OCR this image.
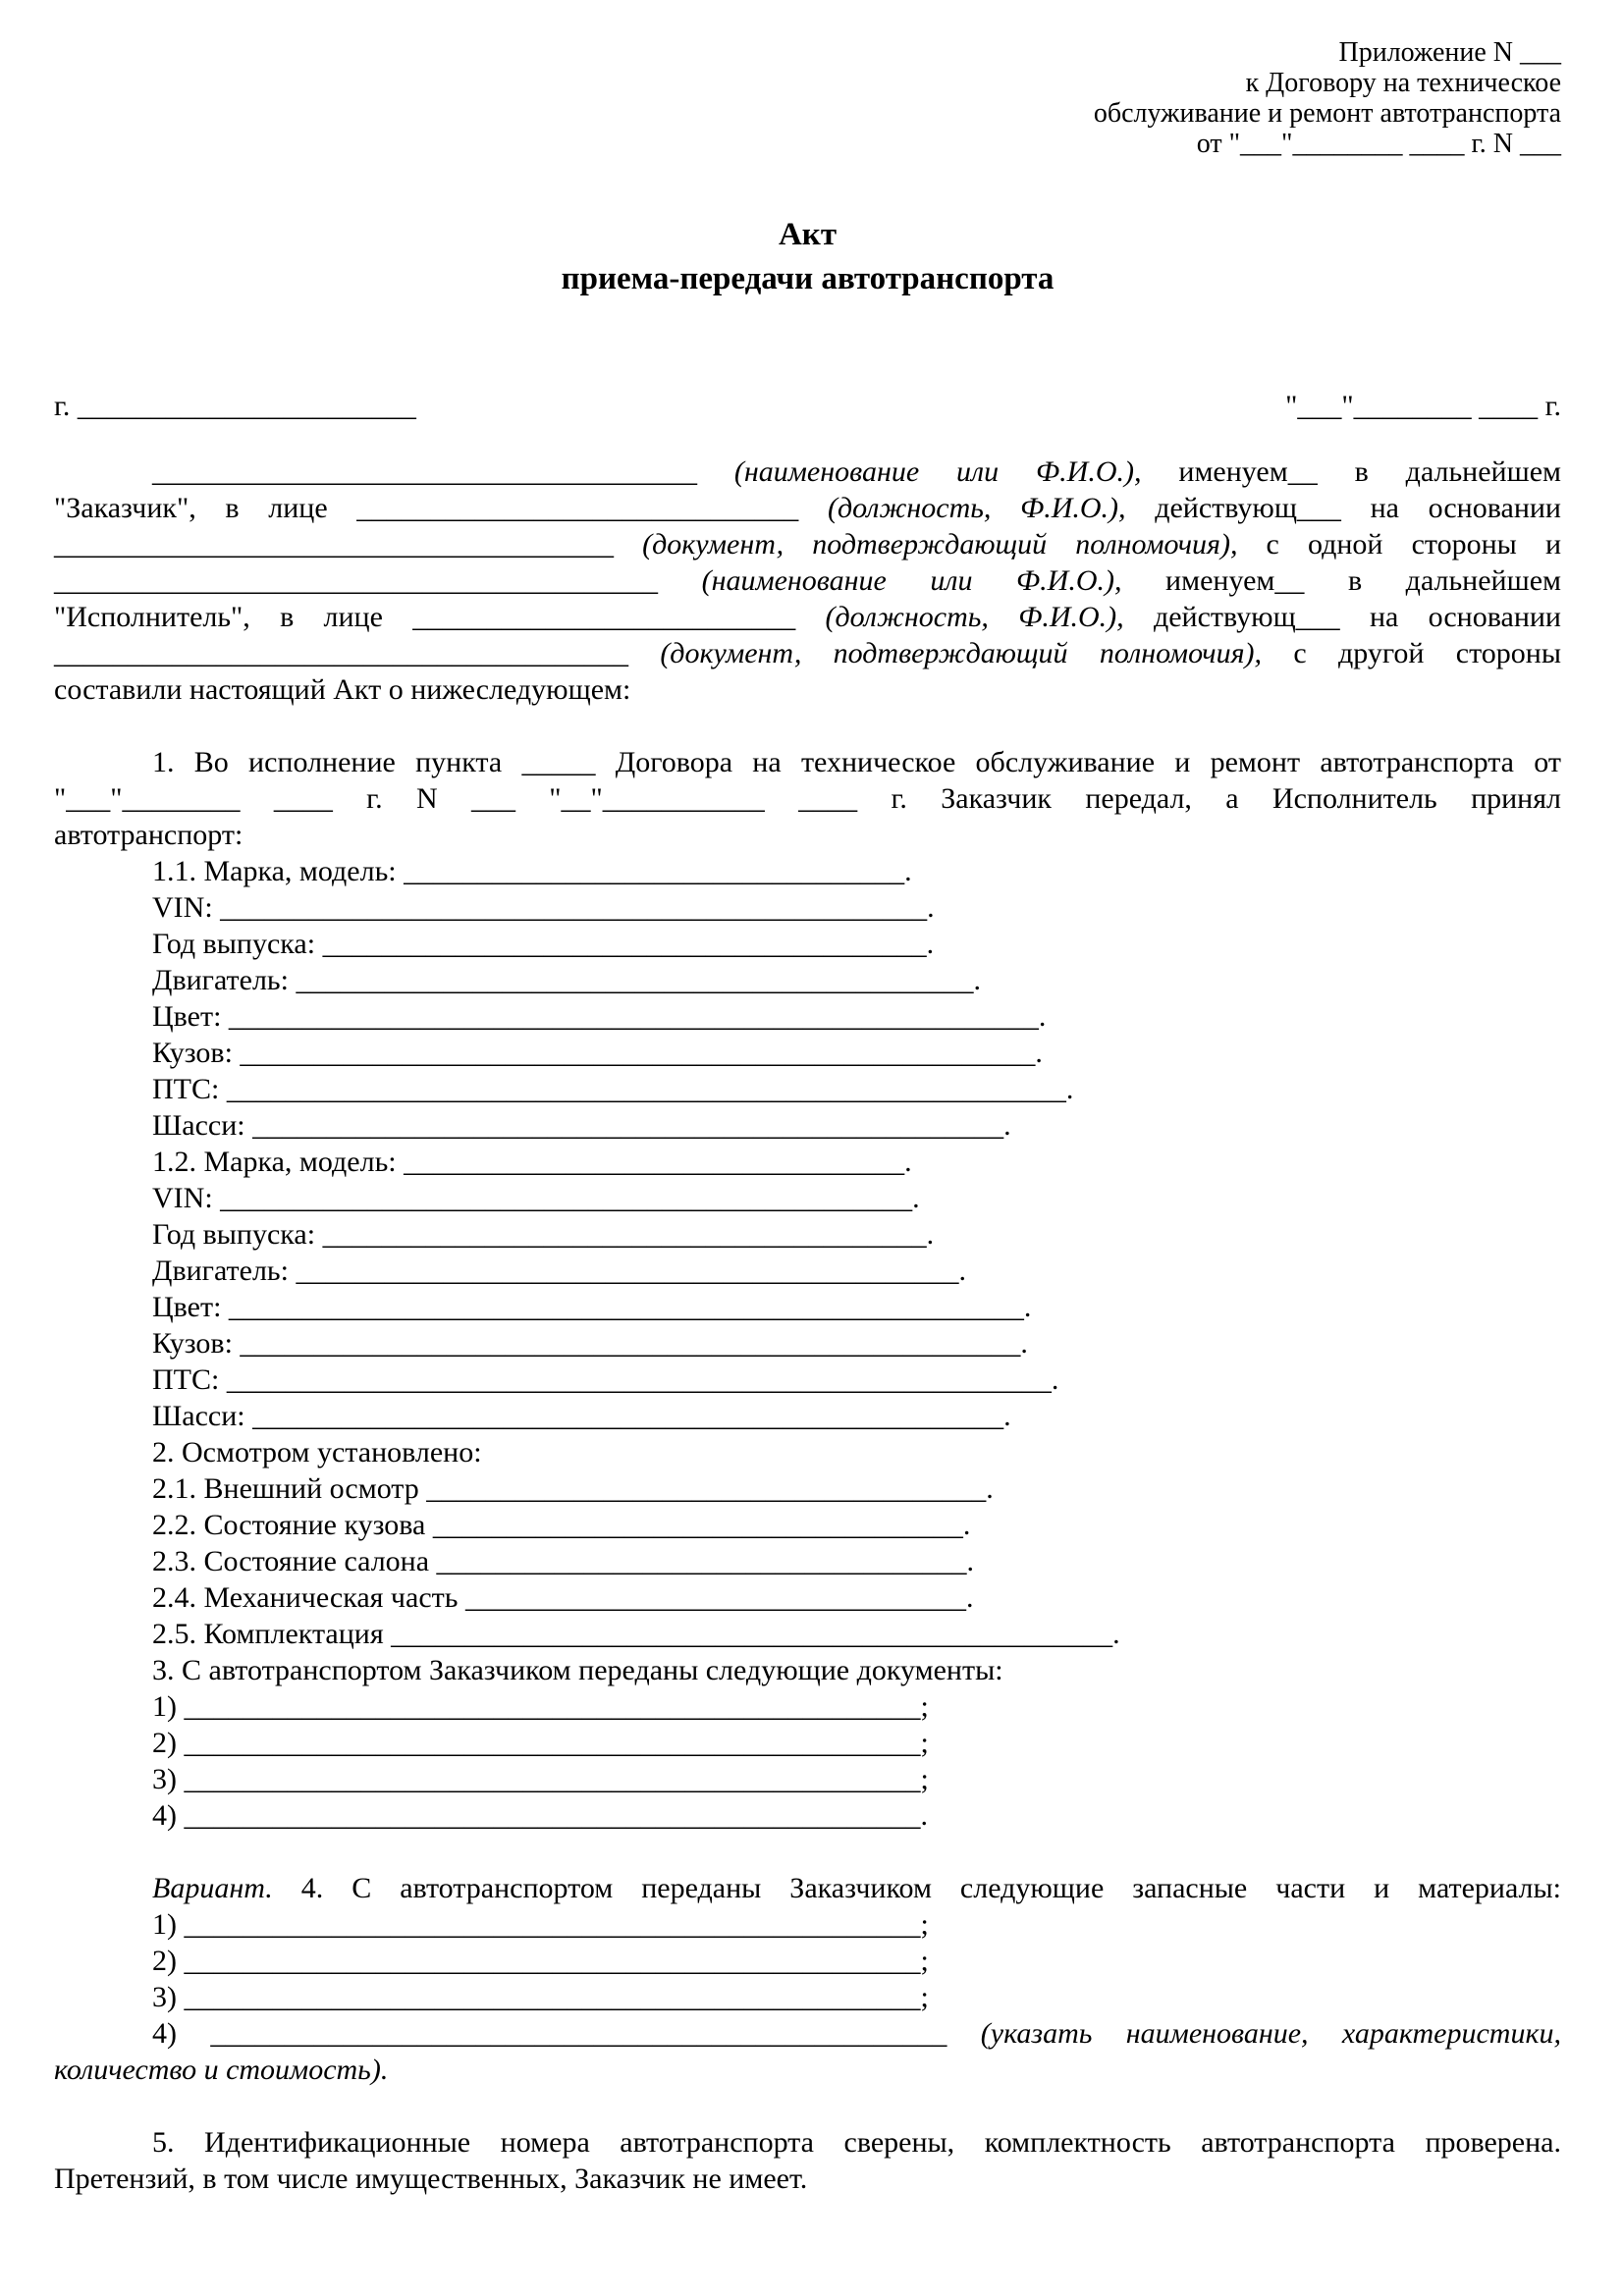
Приложение N ___
к Договору на техническое
обслуживание и ремонт автотранспорта
от "___"________ ____ г. N ___
Акт
приема-передачи автотранспорта
г. _______________________	"___"________ ____ г.
_____________________________________ (наименование или Ф.И.О.), именуем__ в дальнейшем
"Заказчик", в лице ______________________________ (должность, Ф.И.О.), действующ___ на основании
______________________________________ (документ, подтверждающий полномочия), с одной стороны и
_________________________________________ (наименование или Ф.И.О.), именуем__ в дальнейшем
"Исполнитель", в лице __________________________ (должность, Ф.И.О.), действующ___ на основании
_______________________________________ (документ, подтверждающий полномочия), с другой стороны
составили настоящий Акт о нижеследующем:
1. Во исполнение пункта _____ Договора на техническое обслуживание и ремонт автотранспорта от
"___"________ ____ г. N ___ "__"___________ ____ г. Заказчик передал, а Исполнитель принял
автотранспорт:
1.1. Марка, модель: __________________________________.
VIN: ________________________________________________.
Год выпуска: _________________________________________.
Двигатель: ______________________________________________.
Цвет: _______________________________________________________.
Кузов: ______________________________________________________.
ПТС: _________________________________________________________.
Шасси: ___________________________________________________.
1.2. Марка, модель: __________________________________.
VIN: _______________________________________________.
Год выпуска: _________________________________________.
Двигатель: _____________________________________________.
Цвет: ______________________________________________________.
Кузов: _____________________________________________________.
ПТС: ________________________________________________________.
Шасси: ___________________________________________________.
2. Осмотром установлено:
2.1. Внешний осмотр ______________________________________.
2.2. Состояние кузова ____________________________________.
2.3. Состояние салона ____________________________________.
2.4. Механическая часть __________________________________.
2.5. Комплектация _________________________________________________.
3. С автотранспортом Заказчиком переданы следующие документы:
1) __________________________________________________;
2) __________________________________________________;
3) __________________________________________________;
4) __________________________________________________.
Вариант. 4. С автотранспортом переданы Заказчиком следующие запасные части и материалы:
1) __________________________________________________;
2) __________________________________________________;
3) __________________________________________________;
4) __________________________________________________ (указать наименование, характеристики,
количество и стоимость).
5. Идентификационные номера автотранспорта сверены, комплектность автотранспорта проверена.
Претензий, в том числе имущественных, Заказчик не имеет.
